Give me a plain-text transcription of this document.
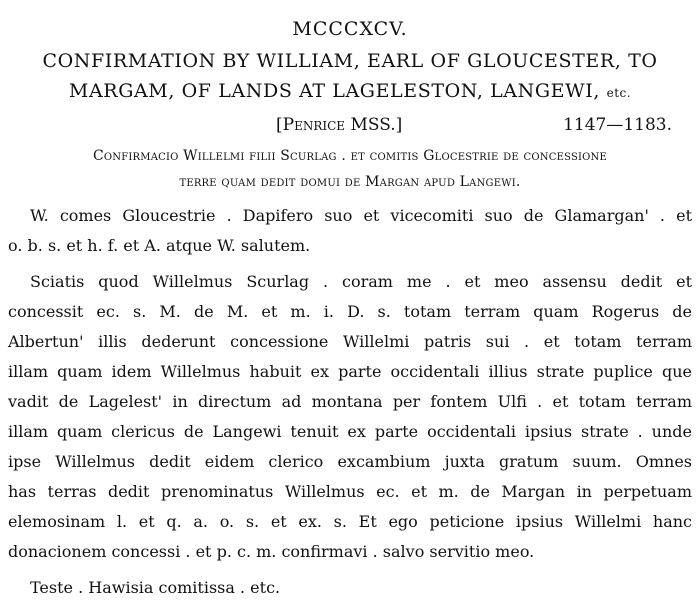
MCCCXCV.
CONFIRMATION BY WILLIAM, EARL OF GLOUCESTER, TO
MARGAM, OF LANDS AT LAGELESTON, LANGEWI, etc.
[Penrice MSS.]	1147—1183.
Confirmacio Willelmi filii Scurlag . et comitis Glocestrie de concessione
terre quam dedit domui de Margan apud Langewi.
W. comes Gloucestrie . Dapifero suo et vicecomiti suo de Glamargan' . et
o. b. s. et h. f. et A. atque W. salutem.
Sciatis quod Willelmus Scurlag . coram me . et meo assensu dedit et
concessit ec. s. M. de M. et m. i. D. s. totam terram quam Rogerus de
Albertun' illis dederunt concessione Willelmi patris sui . et totam terram
illam quam idem Willelmus habuit ex parte occidentali illius strate puplice que
vadit de Lagelest' in directum ad montana per fontem Ulfi . et totam terram
illam quam clericus de Langewi tenuit ex parte occidentali ipsius strate . unde
ipse Willelmus dedit eidem clerico excambium juxta gratum suum. Omnes
has terras dedit prenominatus Willelmus ec. et m. de Margan in perpetuam
elemosinam l. et q. a. o. s. et ex. s. Et ego peticione ipsius Willelmi hanc
donacionem concessi . et p. c. m. confirmavi . salvo servitio meo.
Teste . Hawisia comitissa . etc.
